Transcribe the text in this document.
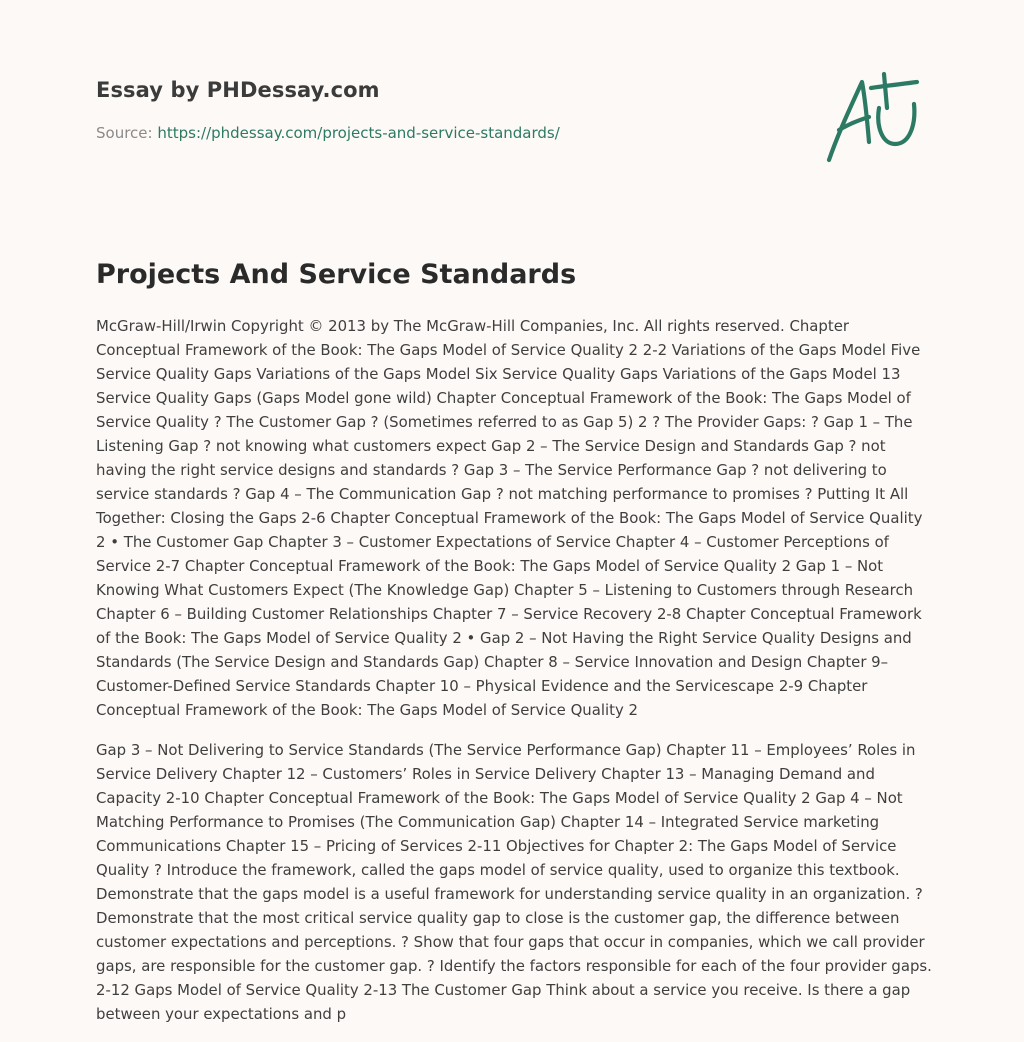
Essay by PHDessay.com
Source: https://phdessay.com/projects-and-service-standards/
Projects And Service Standards

McGraw-Hill/Irwin Copyright © 2013 by The McGraw-Hill Companies, Inc. All rights reserved. Chapter Conceptual Framework of the Book: The Gaps Model of Service Quality 2 2-2 Variations of the Gaps Model Five Service Quality Gaps Variations of the Gaps Model Six Service Quality Gaps Variations of the Gaps Model 13 Service Quality Gaps (Gaps Model gone wild) Chapter Conceptual Framework of the Book: The Gaps Model of Service Quality ? The Customer Gap ? (Sometimes referred to as Gap 5) 2 ? The Provider Gaps: ? Gap 1 – The Listening Gap ? not knowing what customers expect Gap 2 – The Service Design and Standards Gap ? not having the right service designs and standards ? Gap 3 – The Service Performance Gap ? not delivering to service standards ? Gap 4 – The Communication Gap ? not matching performance to promises ? Putting It All Together: Closing the Gaps 2-6 Chapter Conceptual Framework of the Book: The Gaps Model of Service Quality 2 • The Customer Gap Chapter 3 – Customer Expectations of Service Chapter 4 – Customer Perceptions of Service 2-7 Chapter Conceptual Framework of the Book: The Gaps Model of Service Quality 2 Gap 1 – Not Knowing What Customers Expect (The Knowledge Gap) Chapter 5 – Listening to Customers through Research Chapter 6 – Building Customer Relationships Chapter 7 – Service Recovery 2-8 Chapter Conceptual Framework of the Book: The Gaps Model of Service Quality 2 • Gap 2 – Not Having the Right Service Quality Designs and Standards (The Service Design and Standards Gap) Chapter 8 – Service Innovation and Design Chapter 9– Customer-Defined Service Standards Chapter 10 – Physical Evidence and the Servicescape 2-9 Chapter Conceptual Framework of the Book: The Gaps Model of Service Quality 2

Gap 3 – Not Delivering to Service Standards (The Service Performance Gap) Chapter 11 – Employees’ Roles in Service Delivery Chapter 12 – Customers’ Roles in Service Delivery Chapter 13 – Managing Demand and Capacity 2-10 Chapter Conceptual Framework of the Book: The Gaps Model of Service Quality 2 Gap 4 – Not Matching Performance to Promises (The Communication Gap) Chapter 14 – Integrated Service marketing Communications Chapter 15 – Pricing of Services 2-11 Objectives for Chapter 2: The Gaps Model of Service Quality ? Introduce the framework, called the gaps model of service quality, used to organize this textbook. Demonstrate that the gaps model is a useful framework for understanding service quality in an organization. ? Demonstrate that the most critical service quality gap to close is the customer gap, the difference between customer expectations and perceptions. ? Show that four gaps that occur in companies, which we call provider gaps, are responsible for the customer gap. ? Identify the factors responsible for each of the four provider gaps. 2-12 Gaps Model of Service Quality 2-13 The Customer Gap Think about a service you receive. Is there a gap between your expectations and p
